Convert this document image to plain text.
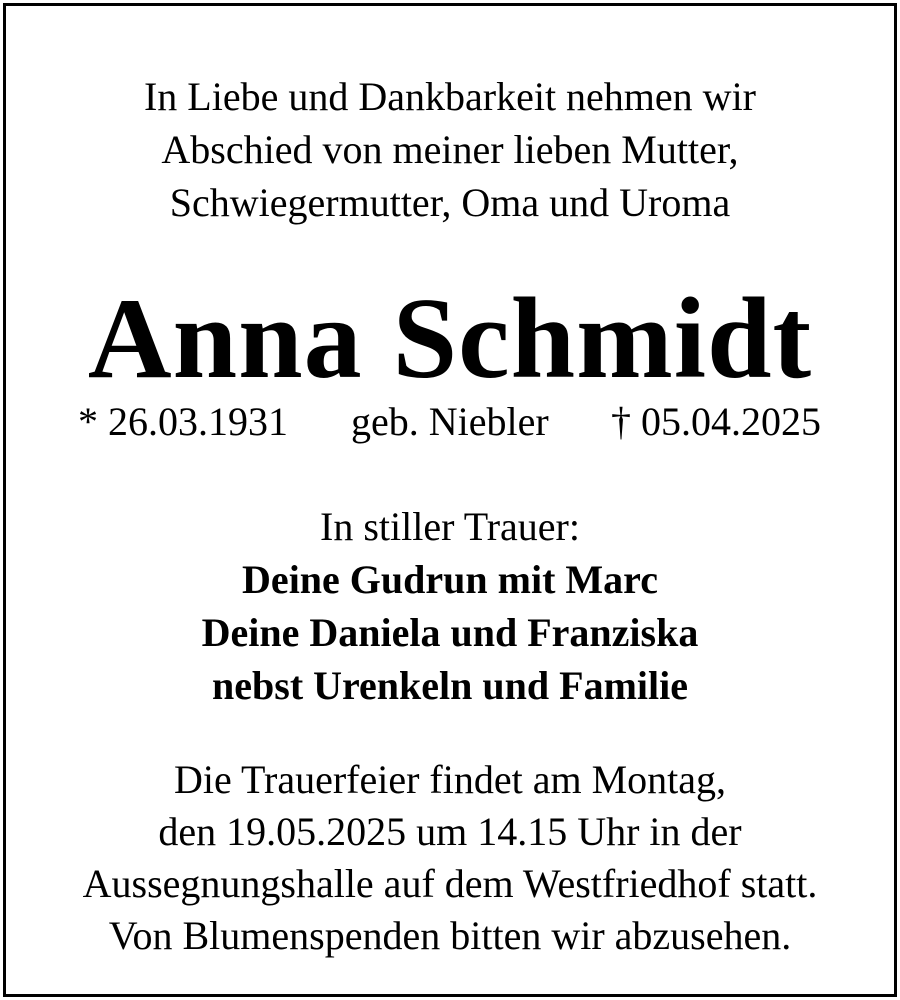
In Liebe und Dankbarkeit nehmen wir
Abschied von meiner lieben Mutter,
Schwiegermutter, Oma und Uroma
Anna Schmidt
* 26.03.1931 geb. Niebler † 05.04.2025
In stiller Trauer:
Deine Gudrun mit Marc
Deine Daniela und Franziska
nebst Urenkeln und Familie
Die Trauerfeier findet am Montag,
den 19.05.2025 um 14.15 Uhr in der
Aussegnungshalle auf dem Westfriedhof statt.
Von Blumenspenden bitten wir abzusehen.
